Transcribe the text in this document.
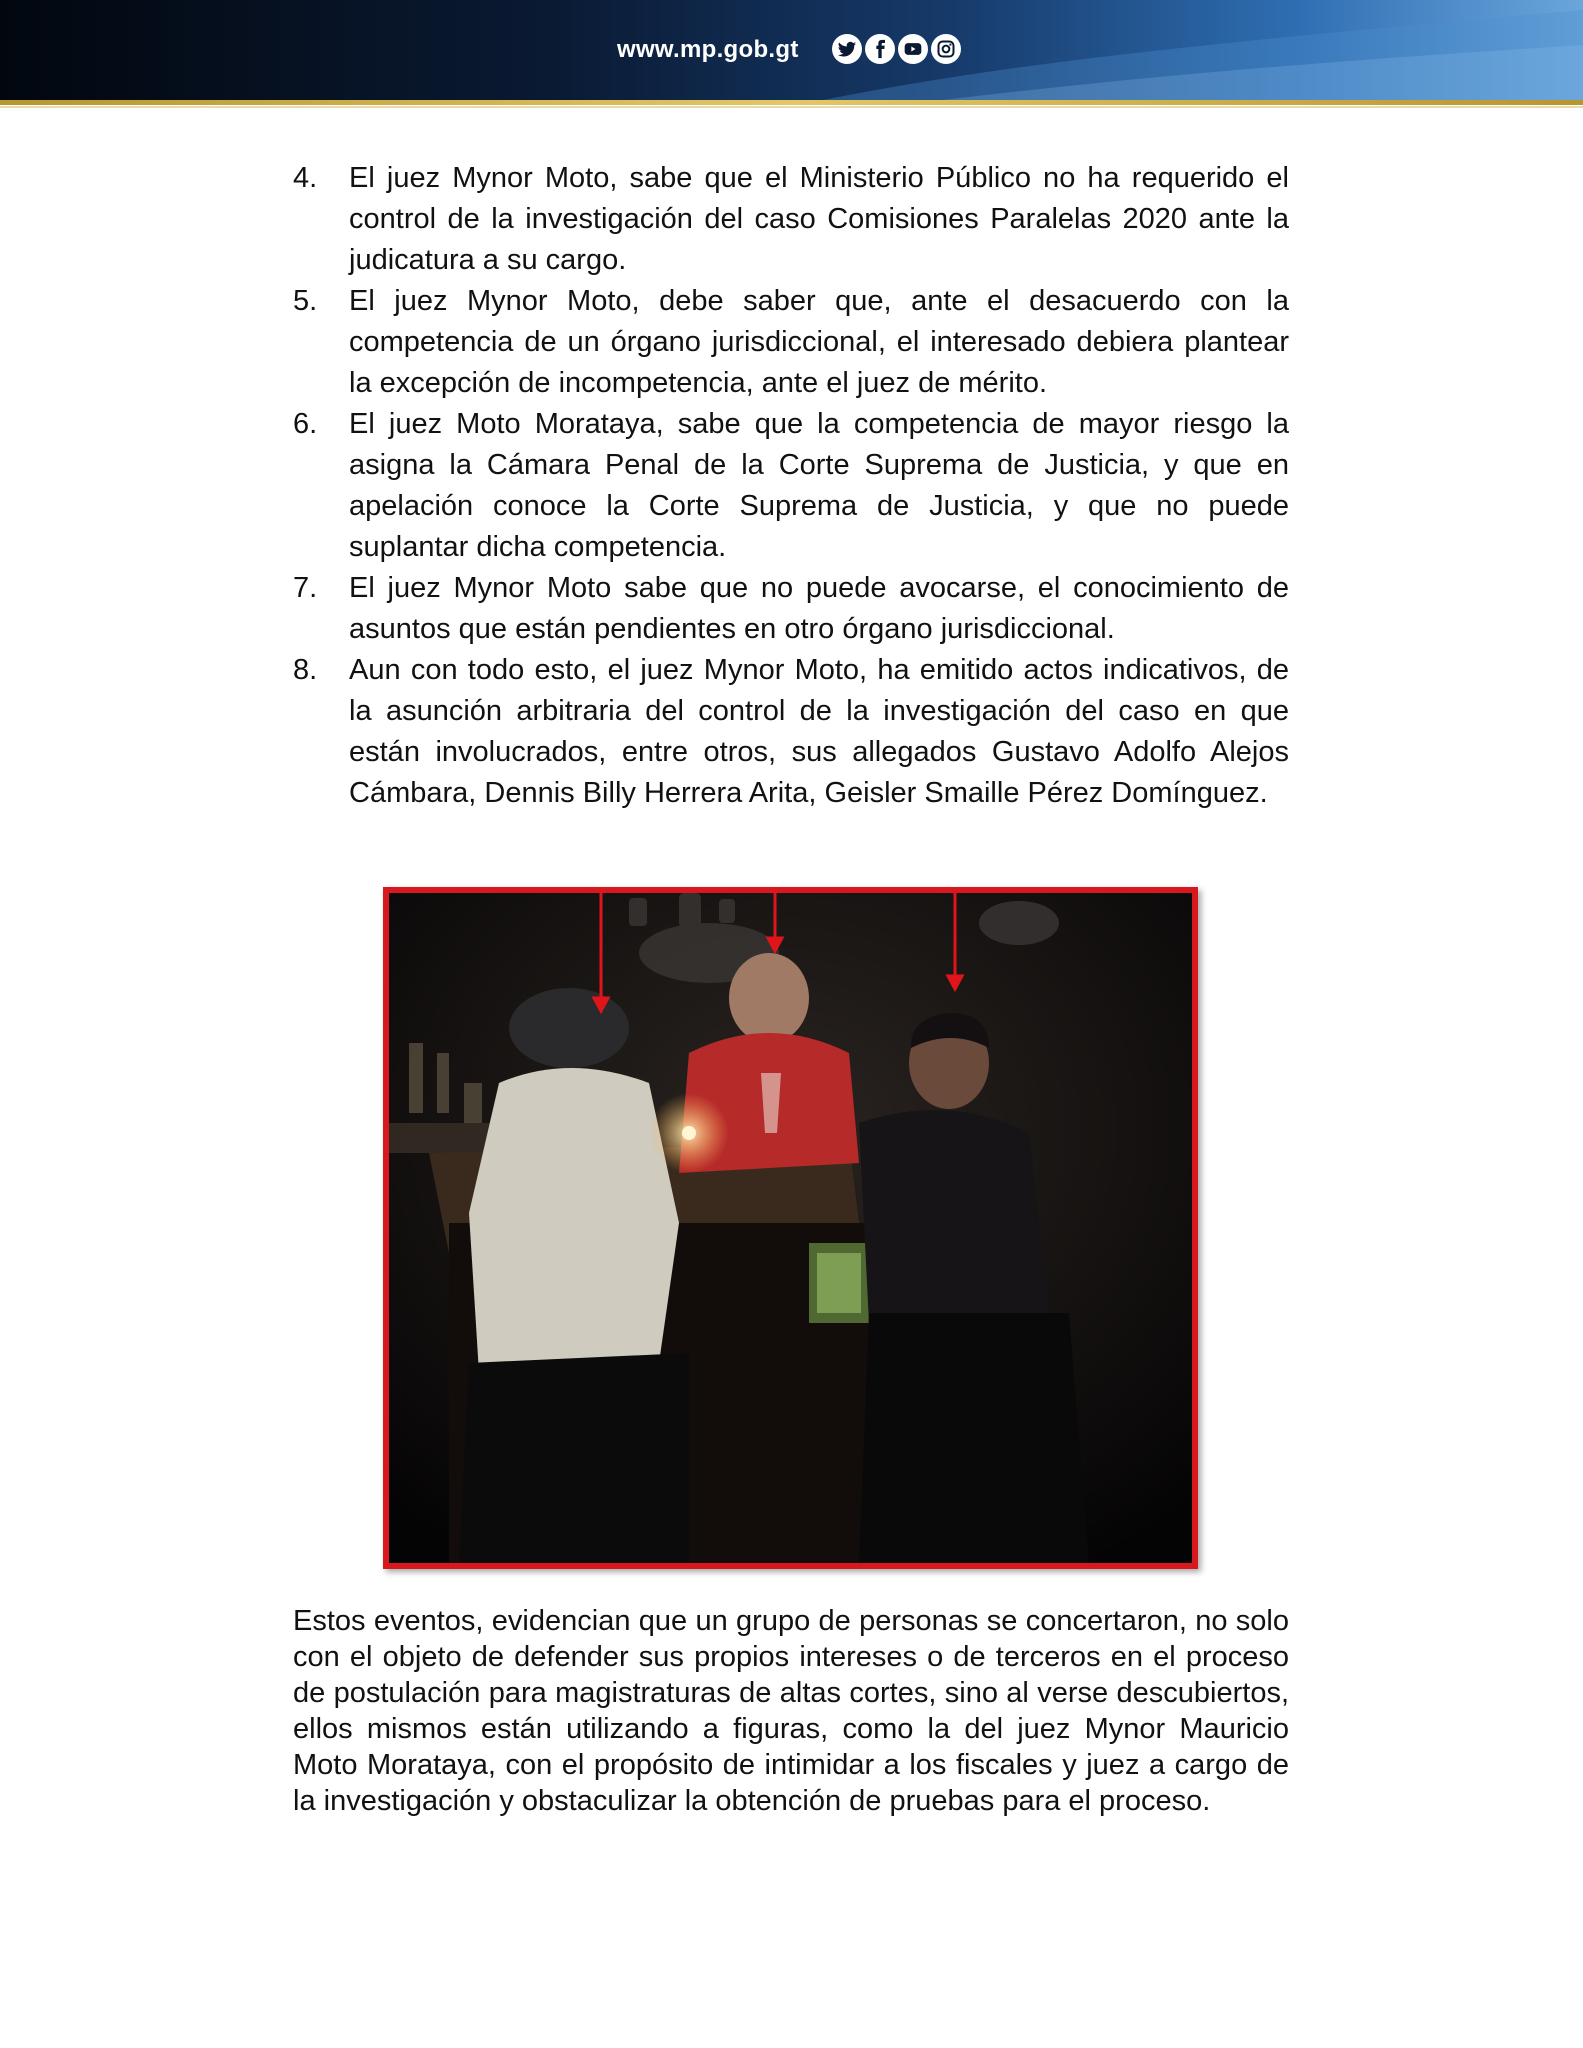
www.mp.gob.gt
4. El juez Mynor Moto, sabe que el Ministerio Público no ha requerido el control de la investigación del caso Comisiones Paralelas 2020 ante la judicatura a su cargo.
5. El juez Mynor Moto, debe saber que, ante el desacuerdo con la competencia de un órgano jurisdiccional, el interesado debiera plantear la excepción de incompetencia, ante el juez de mérito.
6. El juez Moto Morataya, sabe que la competencia de mayor riesgo la asigna la Cámara Penal de la Corte Suprema de Justicia, y que en apelación conoce la Corte Suprema de Justicia, y que no puede suplantar dicha competencia.
7. El juez Mynor Moto sabe que no puede avocarse, el conocimiento de asuntos que están pendientes en otro órgano jurisdiccional.
8. Aun con todo esto, el juez Mynor Moto, ha emitido actos indicativos, de la asunción arbitraria del control de la investigación del caso en que están involucrados, entre otros, sus allegados Gustavo Adolfo Alejos Cámbara, Dennis Billy Herrera Arita, Geisler Smaille Pérez Domínguez.

Estos eventos, evidencian que un grupo de personas se concertaron, no solo con el objeto de defender sus propios intereses o de terceros en el proceso de postulación para magistraturas de altas cortes, sino al verse descubiertos, ellos mismos están utilizando a figuras, como la del juez Mynor Mauricio Moto Morataya, con el propósito de intimidar a los fiscales y juez a cargo de la investigación y obstaculizar la obtención de pruebas para el proceso.
